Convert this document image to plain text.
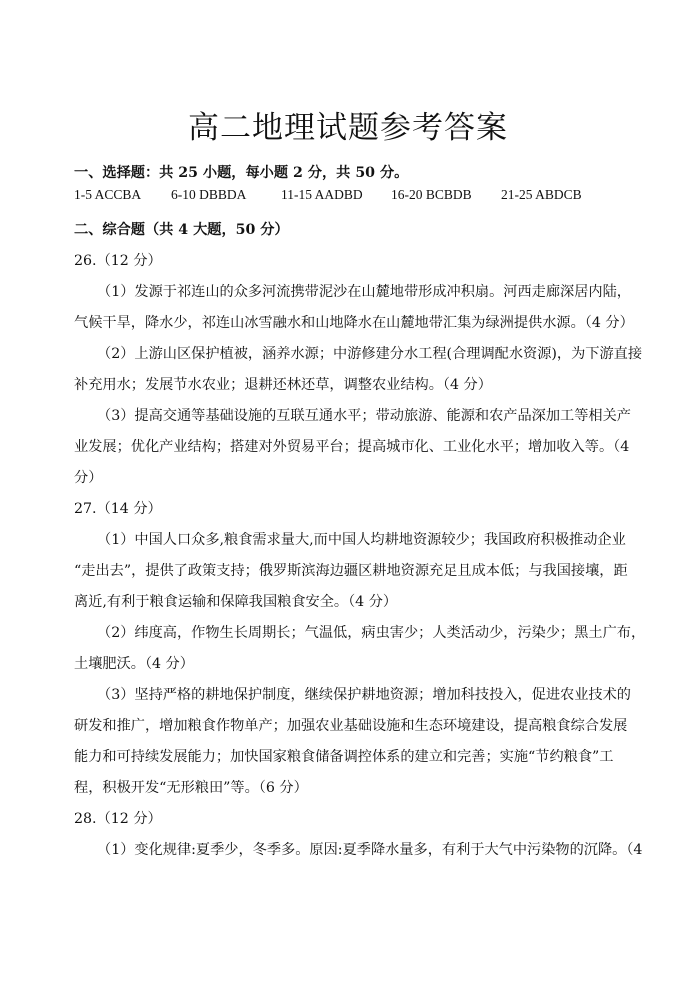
高二地理试题参考答案
一、选择题：共 25 小题，每小题 2 分，共 50 分。
1-5 ACCBA 6-10 DBBDA	11-15 AADBD 16-20 BCBDB 21-25 ABDCB
二、综合题（共 4 大题，50 分）
26.（12 分）
（1）发源于祁连山的众多河流携带泥沙在山麓地带形成冲积扇。河西走廊深居内陆，
气候干旱，降水少，祁连山冰雪融水和山地降水在山麓地带汇集为绿洲提供水源。（4 分）
（2）上游山区保护植被，涵养水源；中游修建分水工程(合理调配水资源)，为下游直接
补充用水；发展节水农业；退耕还林还草，调整农业结构。（4 分）
（3）提高交通等基础设施的互联互通水平；带动旅游、能源和农产品深加工等相关产
业发展；优化产业结构；搭建对外贸易平台；提高城市化、工业化水平；增加收入等。（4
分）
27.（14 分）
（1）中国人口众多,粮食需求量大,而中国人均耕地资源较少；我国政府积极推动企业
“走出去”，提供了政策支持；俄罗斯滨海边疆区耕地资源充足且成本低；与我国接壤，距
离近,有利于粮食运输和保障我国粮食安全。（4 分）
（2）纬度高，作物生长周期长；气温低，病虫害少；人类活动少，污染少；黑土广布，
土壤肥沃。（4 分）
（3）坚持严格的耕地保护制度，继续保护耕地资源；增加科技投入，促进农业技术的
研发和推广，增加粮食作物单产；加强农业基础设施和生态环境建设，提高粮食综合发展
能力和可持续发展能力；加快国家粮食储备调控体系的建立和完善；实施“节约粮食”工
程，积极开发“无形粮田”等。（6 分）
28.（12 分）
（1）变化规律:夏季少，冬季多。原因:夏季降水量多，有利于大气中污染物的沉降。（4
